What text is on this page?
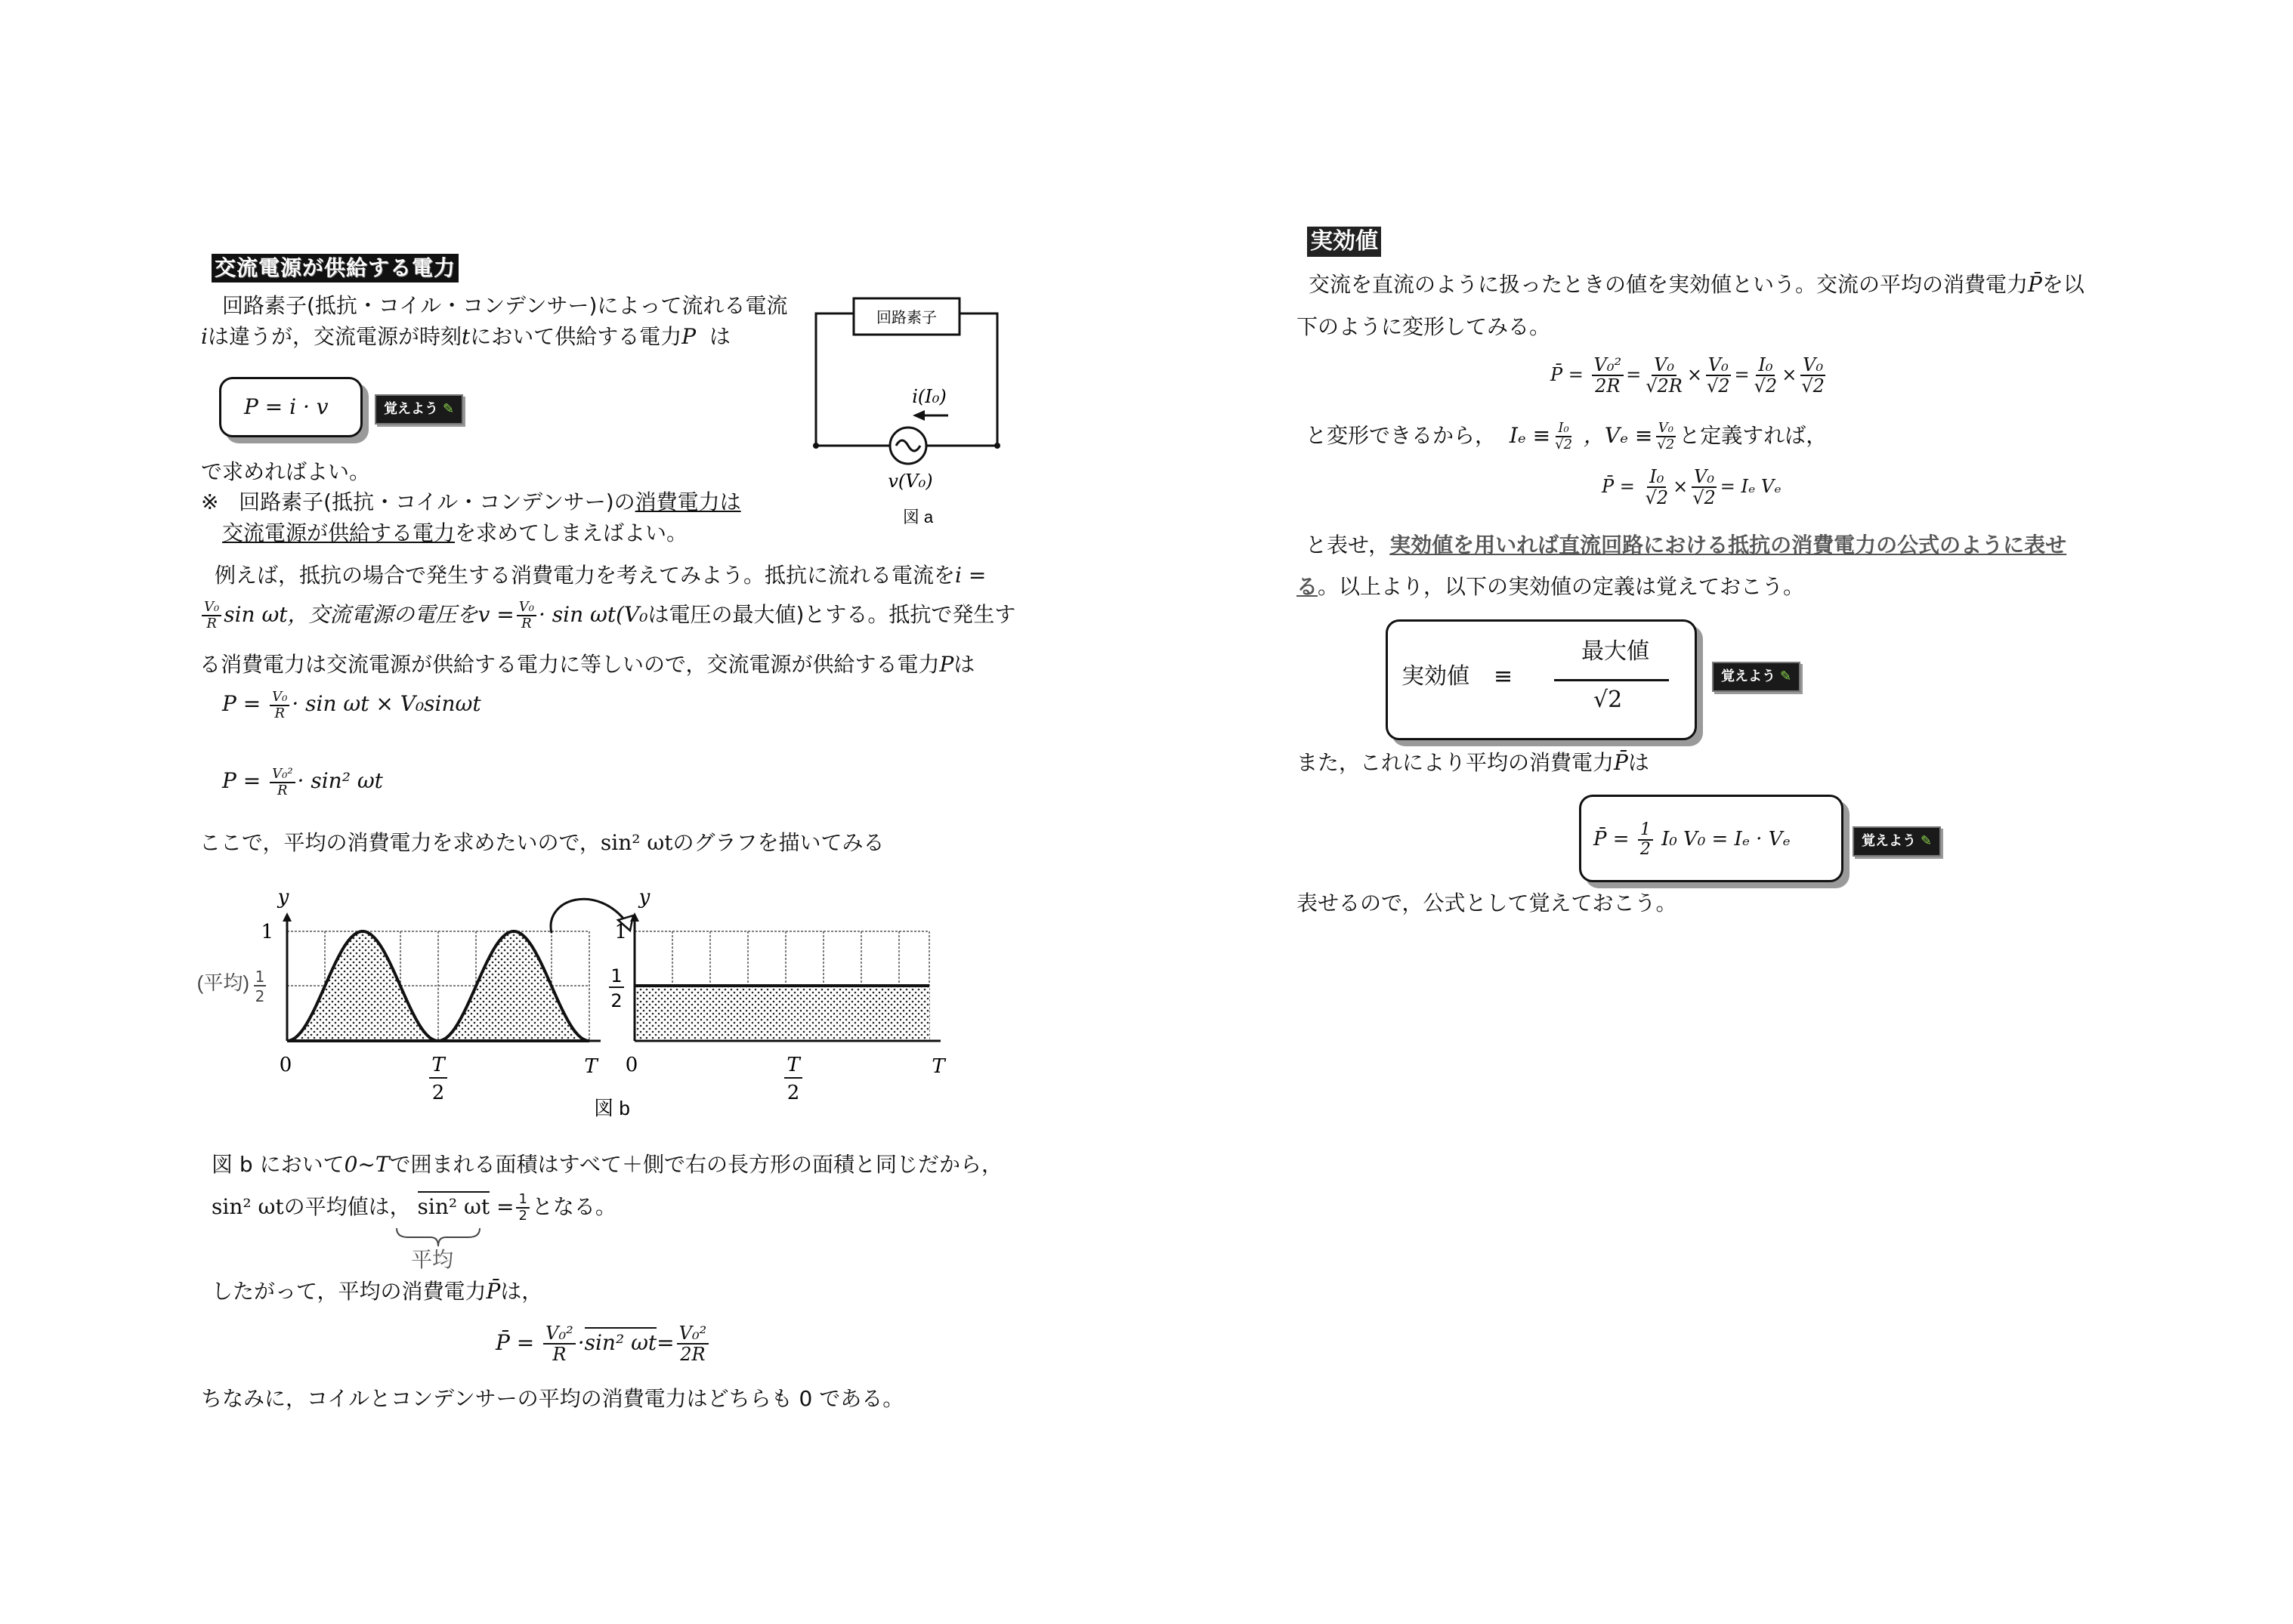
交流電源が供給する電力
回路素子(抵抗・コイル・コンデンサー)によって流れる電流
iは違うが，交流電源が時刻tにおいて供給する電力P は
P = i · v	覚えよう ✎
で求めればよい。
※ 回路素子(抵抗・コイル・コンデンサー)の消費電力は
交流電源が供給する電力を求めてしまえばよい。
回路素子
i(I₀)
v(V₀)
図 a
例えば，抵抗の場合で発生する消費電力を考えてみよう。抵抗に流れる電流をi =
$\frac{\text{V₀}}{R}$ sin ωt，交流電源の電圧を$v = \frac{\text{V₀}}{R} \cdot \sin \omega t(V_0$は電圧の最大値)とする。抵抗で発生す
る消費電力は交流電源が供給する電力に等しいので，交流電源が供給する電力Pは
$P = \frac{\text{V₀}}{R} \cdot \sin \omega t \times V_0\sin\omega t$
$P = \frac{\text{V₀²}}{R} \cdot \sin^2$ ωt
ここで，平均の消費電力を求めたいので，sin² ωtのグラフを描いてみる
y
1
(平均) 1
2
0	T
2
T
y
1
1
2
0	T
2
T
図 b
図 b において0~Tで囲まれる面積はすべて＋側で右の長方形の面積と同じだから，
sin² ωtの平均値は， sin² $\omega t = \frac{1}{2}$ となる。
平均
したがって，平均の消費電力P̄は，
P̄ = $\frac{\text{V₀²}}{R} \cdot\sin^2$ $\omega t= \frac{\text{V₀²}}{2R}$
ちなみに，コイルとコンデンサーの平均の消費電力はどちらも 0 である。
実効値
交流を直流のように扱ったときの値を実効値という。交流の平均の消費電力P̄を以
下のように変形してみる。
P̄ = $\frac{\text{V₀²}}{2R} = \frac{\text{V₀}}{√2R} \times \frac{\text{V₀}}{√2} = \frac{\text{I₀}}{√2} \times \frac{\text{V₀}}{√2}$
と変形できるから， $I_e \equiv \frac{\text{I₀}}{√2}$ ，$V_e \equiv \frac{\text{V₀}}{√2}$ と定義すれば，
P̄ = $\frac{\text{I₀}}{√2} \times \frac{\text{V₀}}{√2} = I_e$ Vₑ
と表せ，実効値を用いれば直流回路における抵抗の消費電力の公式のように表せ
る。以上より，以下の実効値の定義は覚えておこう。
実効値 ≡
最大値
√2
覚えよう ✎
また，これにより平均の消費電力P̄は
P̄ = $\frac{1}{2} I_0$ V₀ = Iₑ · Vₑ	覚えよう ✎
表せるので，公式として覚えておこう。
